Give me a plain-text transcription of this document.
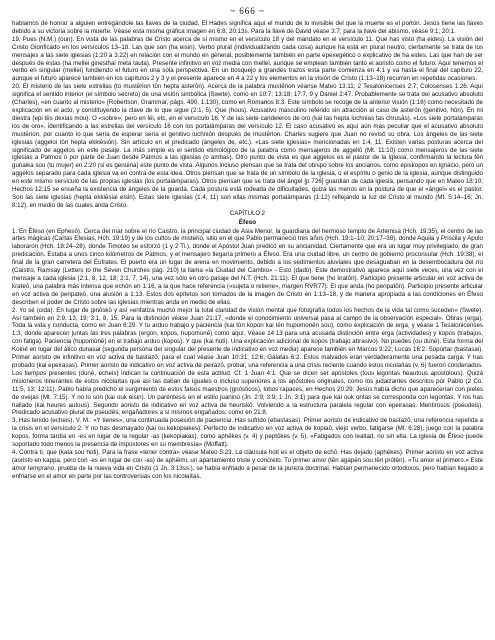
~ 666 ~

hablamos de honrar a alguien entregándole las llaves de la ciudad. El Hades significa aquí el mundo de lo invisible del que la muerte es el portón. Jesús tiene las llaves debido a su victoria sobre la muerte. Véase esta misma gráfica imagen en 6:8; 20:13s. Para la llave de David véase 3:7; para la llave del abismo, véase 9:1; 20:1.

19. Pues (N.M.) (oun). En vista de las palabras de Cristo acerca de sí mismo en el versículo 18 y del mandato en el versículo 11. Que has visto (ha eides). La visión del Cristo Glorificado en los versículos 13–18. Las que son (ha eisin). Verbo plural (individualizando cada cosa) aunque ha está en plural neutro; ciertamente se trata de los mensajes a las siete iglesias (1:20 a 3:22) en relación con el mundo en general, posiblemente también en parte epexegético o explicativo de ha eides. Las que han de ser después de éstas (ha mellei ginesthai meta tauta). Presente infinitivo en voz media con mellei, aunque se emplean también tanto el aoristo como el futuro. Aquí tenemos el verbo en singular (mellei) fundiendo el futuro en una sola perspectiva. En un bosquejo a grandes trazos esta parte comienza en 4:1 y va hasta el final del capítulo 22, aunque el futuro aparece también en los capítulos 2 y 3 y el presente aparece en 4 a 22 y los elementos en la visión de Cristo (1:13–18) recurren en repetidas ocasiones.

20. El misterio de las siete estrellas (to mustērion tōn hepta asterōn). Acerca de la palabra mustērion véanse Mateo 13:11; 2 Tesalonicenses 2:7; Colosenses 1:26. Aquí significa el sentido interior (el símbolo secreto) de una visión simbólica (Swete), como en 10:7; 13:18; 17:7, 9 y Daniel 2:47. Probablemente se trata del acusativo absoluto (Charles), «en cuanto al misterio» (Robertson, Grammar, págs. 490, 1.130), como en Romanos 8:3. Este símbolo se recoge de la anterior visión (1:16) como necesitado de explicación en el acto, y constituyendo la clave de lo que sigue (2:1, 5). Que (hous). Acusativo masculino referido sin atracción al caso de asterōn (genitivo, hōn). En mi diestra (epi tēs dexias mou). O «sobre», pero en lēi, etc, en el versículo 16. Y de las siete candeleros de oro (kai tas hepta luchnias tas chrusās). «Los siete portalámparas los de oro», identificando a las estrellas del versículo 16 con los portalámparas del versículo 12. El caso acusativo es aquí aún más peculiar que el acusativo absoluto mustērion, por cuanto lo que sería de esperar sería el genitivo luchniōn después de mustērion. Charles sugiere que Juan no revisó su obra. Los ángeles de las siete iglesias (aggeloi tōn hepta ekklēsiōn). Sin artículo en el predicado (ángeles de, etc.). «Las siete iglesias» mencionadas en 1:4, 11. Existen varias posturas acerca del significado de aggelos en este pasaje. La más simple es el sentido etimológico de la palabra como mensajeros de aggellō (Mt. 11:10) como mensajeros de las siete iglesias a Patmos o por parte de Juan desde Patmos a las iglesias (o ambas). Otro punto de vista es que aggelos es el pastor de la iglesia, confirmando la lectura tēn gunaika sou (tu mujer) en 2:20 (si es genuina) este punto de vista. Algunos incluso piensan que se trata del obispo sobre los ancianos, como episkopos en Ignacio, pero un aggelos separado para cada iglesia va en contra de esta idea. Otros piensan que se trata de un símbolo de la iglesia, o el espíritu o genio de la iglesia, aunque distinguido en este mismo versículo de las propias iglesias (los portalámparas). Otros piensan que se trata del ángel [p 726] guardián de cada iglesia, pensando que en Mateo 18:10; Hechos 12:15 se enseña la existencia de ángeles de la guarda. Cada postura está rodeada de dificultades, quizá las menos en la postura de que el «ángel» es el pastor. Son las siete iglesias (hepta ekklēsiai eisin). Estas siete iglesias (1:4, 11) son ellas mismas portalámparas (1:12) reflejando la luz de Cristo al mundo (Mt. 5:14–16; Jn. 8:12), en medio de las cuales anda Cristo.

CAPÍTULO 2
Éfeso

1. En Éfeso (en Ephesō). Cerca del mar sobre el río Caistro, la principal ciudad de Asia Menor, la guardiana del hermoso templo de Artemisa (Hch. 19:35), el centro de las artes mágicas (Cartas Efesias, Hch. 19:19) y de los cultos de misterio, sitio en el que Pablo permaneció tres años (Hch. 19:1–10; 20:17–38), donde Aquila y Priscila y Apolo laboraron (Hch. 18:24–28), donde Timoteo se esforzó (1 y 2 Ti.), donde el Apóstol Juan predicó en su ancianidad. Ciertamente que era un lugar muy privilegiado, de gran predicación. Estaba a unos cinco kilómetros de Patmos, y el mensajero llegaría primero a Éfeso. Era una ciudad libre, un centro de gobierno proconsular (Hch. 19:38), el final de la gran carretera del Éufrates. El puerto era un lugar de arena en movimiento, debido a los sedimentos aluviales que desaguaban en la desembocadura del río (Caistro, Ramsay (Letters to the Seven Churches pág. 210) la llama «la Ciudad del Cambio» - Esto (dado). Este demostrativo aparece aquí siete veces, una vez con el mensaje a cada iglesia (2:1, 8, 12, 18; 2:1, 7, 14), una vez sólo en otro pasaje del N.T. (Hch. 21:11). El que tiene (ho kratōn). Participio presente articular en voz activa de krateō, una palabra más intensa que echōn en 1:16, a la que hace referencia («sujeta o retiene», margen RVR77). El que anda (ho peripatōn). Participio presente articular en voz activa de peripateō, una alusión a 1:13. Estos dos epítetos son tomados de la imagen de Cristo en 1:13–18, y de manera apropiada a las condiciones en Éfeso describen el poder de Cristo sobre las iglesias mientras anda en medio de ellas.

2. Yo sé (oida). En lugar de ginōskō y así «enfatiza mucho mejor la total claridad de visión mental que fotografía todos los hechos de la vida tal como suceden» (Swete). Así también en 2:9, 13, 19; 3:1, 8, 15. Para la distinción véase Juan 21:17, «donde el conocimiento universal pasa al campo de la observación especial». Obras (erga). Toda la vida y conducta, como en Juan 6:29. Y tu arduo trabajo y paciencia (kai tōn kopon kai tēn hupomonēn sou), como explicación de erga, y véase 1 Tesalonicenses 1:3, donde aparecen juntas las tres palabras (ergon, kopos, hupomonē) como aquí. Véase 14:13 para una acusada distinción entre erga (actividades) y kopos (trabajos, con fatiga). Paciencia (hupomonē) en el trabajo arduo (kopos). Y que (kai hoti). Una explicación adicional de kopos (trabajo abrasivo). No puedes (ou dunē). Esta forma del Koiné en lugar del ático dunasai (segunda persona del singular del presente de indicativo en voz media) aparece también en Marcos 9:22; Lucas 16:2. Soportar (bastasai). Primer aoristo de infinitivo en voz activa de bastazō, para el cual véase Juan 10:31; 12:6; Gálatas 6:2. Estos malvados eran verdaderamente una pesada carga. Y has probado (kai epeirasas). Primer aoristo de indicativo en voz activa de peirazō, probar, una referencia a una crisis reciente cuando estos nicolaítas (v. 6) fueron condenados. Los tiempos presentes (dunē, echeis) indican la continuación de esta actitud. Cf. 1 Juan 4:1. Que se dicen ser apóstoles (tous legontas heautous apostolous). Quizá misioneros itinerantes de estos nicolaítas que así las daban de iguales o incluso superiores a los apóstoles originales, como los judaizantes descritos por Pablo (2 Co. 11:5, 13; 12:11). Pablo había predicho el surgimiento de estos falsos maestros (gnósticos), lobos rapaces, en Hechos 20:29; Jesús había dicho que aparecerían con pieles de ovejas (Mt. 7:15). Y no lo son (kai ouk eisin). Un paréntesis en el estilo juanino (Jn. 2:9; 3:9; 1 Jn. 3:1) para que kai ouk ontas se corresponda con legontas. Y los has hallado (kai heures autous). Segundo aoristo de indicativo en voz activa de heuriskō. Volviendo a la estructura paralela regular con epeirasas. Mentirosos (pseudeis). Predicado acusativo plural de pseudēs, engañadores a sí mismos engañados, como en 21:8.

3. Has tenido (echeis). V. M.: «Y tienes», una continuada posesión de paciencia. Has sufrido (ebastasas). Primer aoristo de indicativo de bastazō, una referencia repetida a la crisis en el versículo 2. Y no has desmayado (kai ou kekopiakes). Perfecto de indicativo en voz activa de kopiaō, viejo verbo, fatigarse (Mt. 6:28), juego con la palabra kopos, forma tardía en -es en lugar de la regular -as (kekopiakas), como aphēkes (v. 4) y peptōkes (v. 5). «Fatigados con lealtad, no sin ella. La iglesia de Éfeso puede soportarlo todo menos la presencia de impostores en su membresía» (Moffatt).

4. Contra ti, que (kata sou hoti). Para la frase «tener contra» véase Mateo 5:23. La cláusula hoti es el objeto de echō. Has dejado (aphēkes). Primer aoristo en voz activa (aoristo en kappa, pero con -es en lugar de con -as) de aphiēmi, un apartamiento triste y concreto. Tu primer amor (tēn agapēn sou tēn prōtēn). «Tu amor el primero.» Este amor temprano, prueba de la nueva vida en Cristo (1 Jn. 3:13ss.), se había enfriado a pesar de la pureza doctrinal. Habían permanecido ortodoxos, pero habían llegado a enfriarse en el amor en parte por las controversias con los nicolaítas.
